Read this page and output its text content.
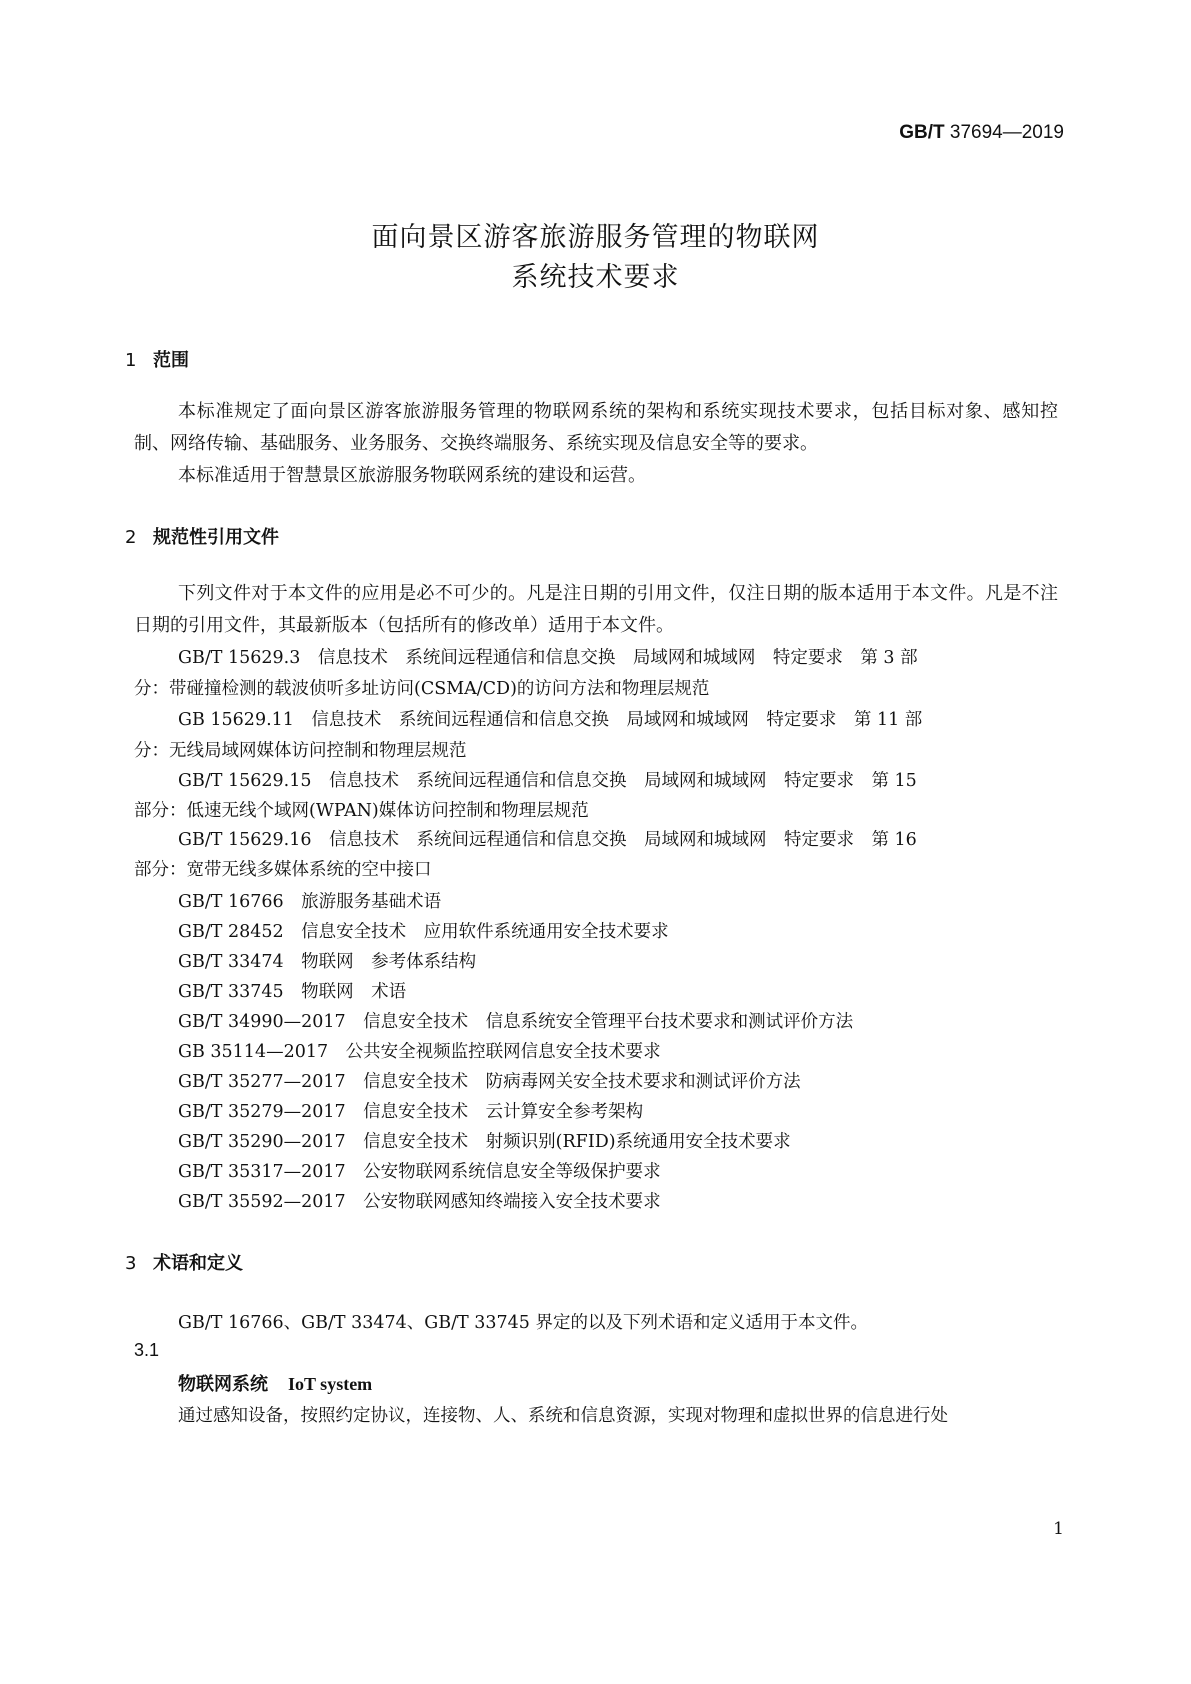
GB/T 37694—2019
面向景区游客旅游服务管理的物联网
系统技术要求
1 范围
本标准规定了面向景区游客旅游服务管理的物联网系统的架构和系统实现技术要求，包括目标对象、感知控制、网络传输、基础服务、业务服务、交换终端服务、系统实现及信息安全等的要求。
本标准适用于智慧景区旅游服务物联网系统的建设和运营。
2 规范性引用文件
下列文件对于本文件的应用是必不可少的。凡是注日期的引用文件，仅注日期的版本适用于本文件。凡是不注日期的引用文件，其最新版本（包括所有的修改单）适用于本文件。
GB/T 15629.3　信息技术　系统间远程通信和信息交换　局域网和城域网　特定要求　第 3 部
分：带碰撞检测的载波侦听多址访问(CSMA/CD)的访问方法和物理层规范
GB 15629.11　信息技术　系统间远程通信和信息交换　局域网和城域网　特定要求　第 11 部
分：无线局域网媒体访问控制和物理层规范
GB/T 15629.15　信息技术　系统间远程通信和信息交换　局域网和城域网　特定要求　第 15
部分：低速无线个域网(WPAN)媒体访问控制和物理层规范
GB/T 15629.16　信息技术　系统间远程通信和信息交换　局域网和城域网　特定要求　第 16
部分：宽带无线多媒体系统的空中接口
GB/T 16766　旅游服务基础术语
GB/T 28452　信息安全技术　应用软件系统通用安全技术要求
GB/T 33474　物联网　参考体系结构
GB/T 33745　物联网　术语
GB/T 34990—2017　信息安全技术　信息系统安全管理平台技术要求和测试评价方法
GB 35114—2017　公共安全视频监控联网信息安全技术要求
GB/T 35277—2017　信息安全技术　防病毒网关安全技术要求和测试评价方法
GB/T 35279—2017　信息安全技术　云计算安全参考架构
GB/T 35290—2017　信息安全技术　射频识别(RFID)系统通用安全技术要求
GB/T 35317—2017　公安物联网系统信息安全等级保护要求
GB/T 35592—2017　公安物联网感知终端接入安全技术要求
3 术语和定义
GB/T 16766、GB/T 33474、GB/T 33745 界定的以及下列术语和定义适用于本文件。
3.1
物联网系统 IoT system
通过感知设备，按照约定协议，连接物、人、系统和信息资源，实现对物理和虚拟世界的信息进行处
1
